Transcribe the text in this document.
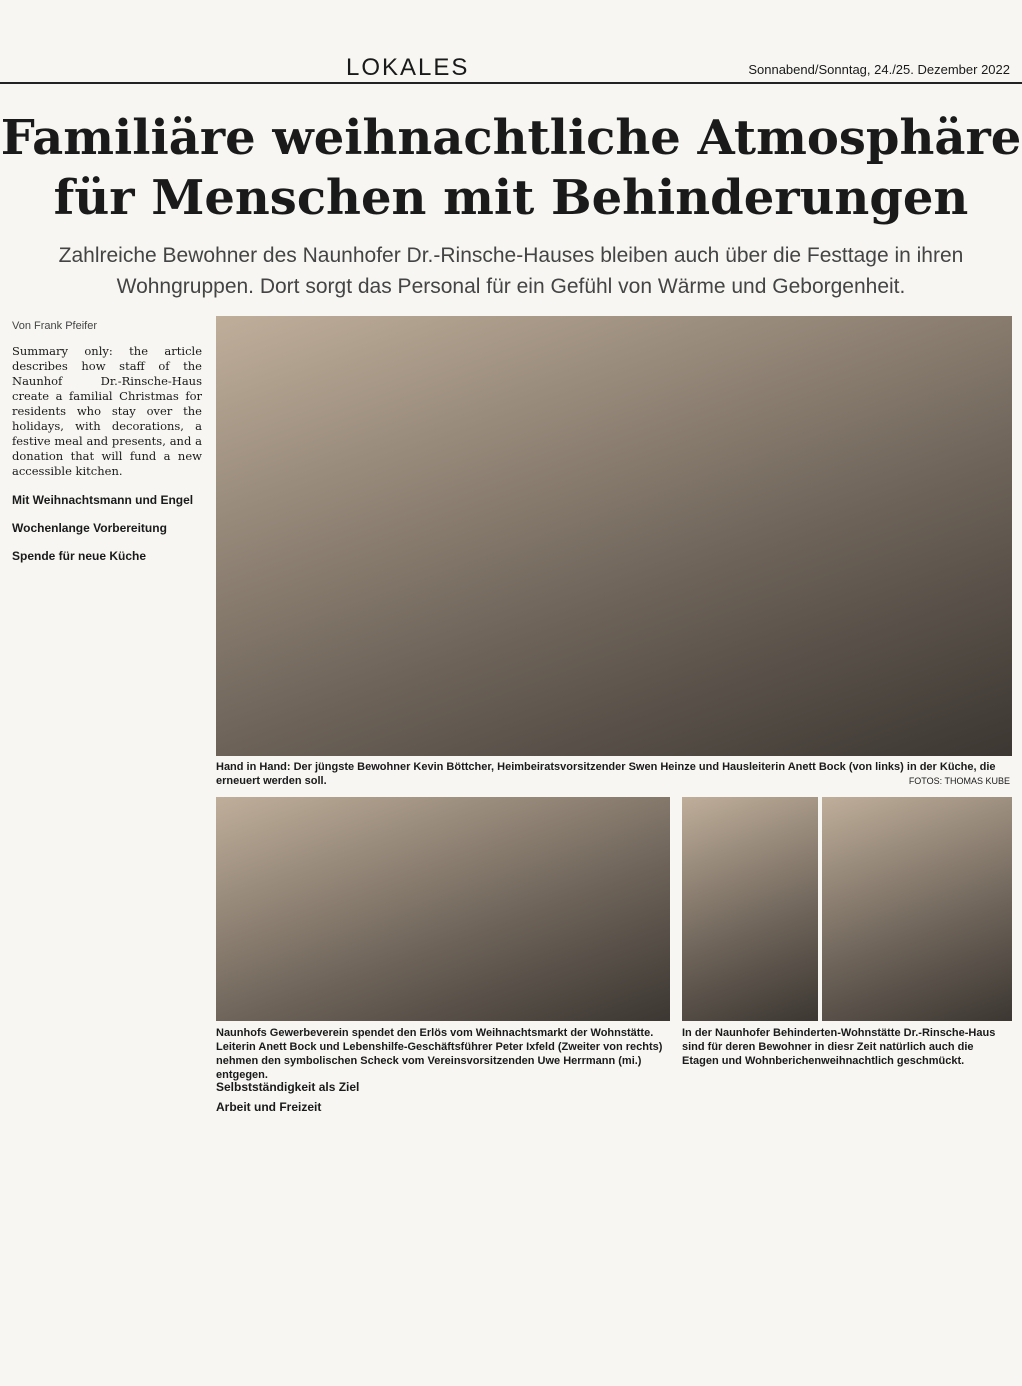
LOKALES	Sonnabend/Sonntag, 24./25. Dezember 2022
Familiäre weihnachtliche Atmosphäre für Menschen mit Behinderungen
Zahlreiche Bewohner des Naunhofer Dr.-Rinsche-Hauses bleiben auch über die Festtage in ihren Wohngruppen. Dort sorgt das Personal für ein Gefühl von Wärme und Geborgenheit.
Von Frank Pfeifer

Summary only: the article describes how staff of the Naunhof Dr.-Rinsche-Haus create a familial Christmas for residents who stay over the holidays, with decorations, a festive meal and presents, and a donation that will fund a new accessible kitchen.

Mit Weihnachtsmann und Engel
Wochenlange Vorbereitung
Spende für neue Küche
Hand in Hand: Der jüngste Bewohner Kevin Böttcher, Heimbeiratsvorsitzender Swen Heinze und Hausleiterin Anett Bock (von links) in der Küche, die erneuert werden soll.	FOTOS: THOMAS KUBE
Naunhofs Gewerbeverein spendet den Erlös vom Weihnachtsmarkt der Wohnstätte. Leiterin Anett Bock und Lebenshilfe-Geschäftsführer Peter Ixfeld (Zweiter von rechts) nehmen den symbolischen Scheck vom Vereinsvorsitzenden Uwe Herrmann (mi.) entgegen.
In der Naunhofer Behinderten-Wohnstätte Dr.-Rinsche-Haus sind für deren Bewohner in diesr Zeit natürlich auch die Etagen und Wohnberichenweihnachtlich geschmückt.
Selbstständigkeit als Ziel
Arbeit und Freizeit
